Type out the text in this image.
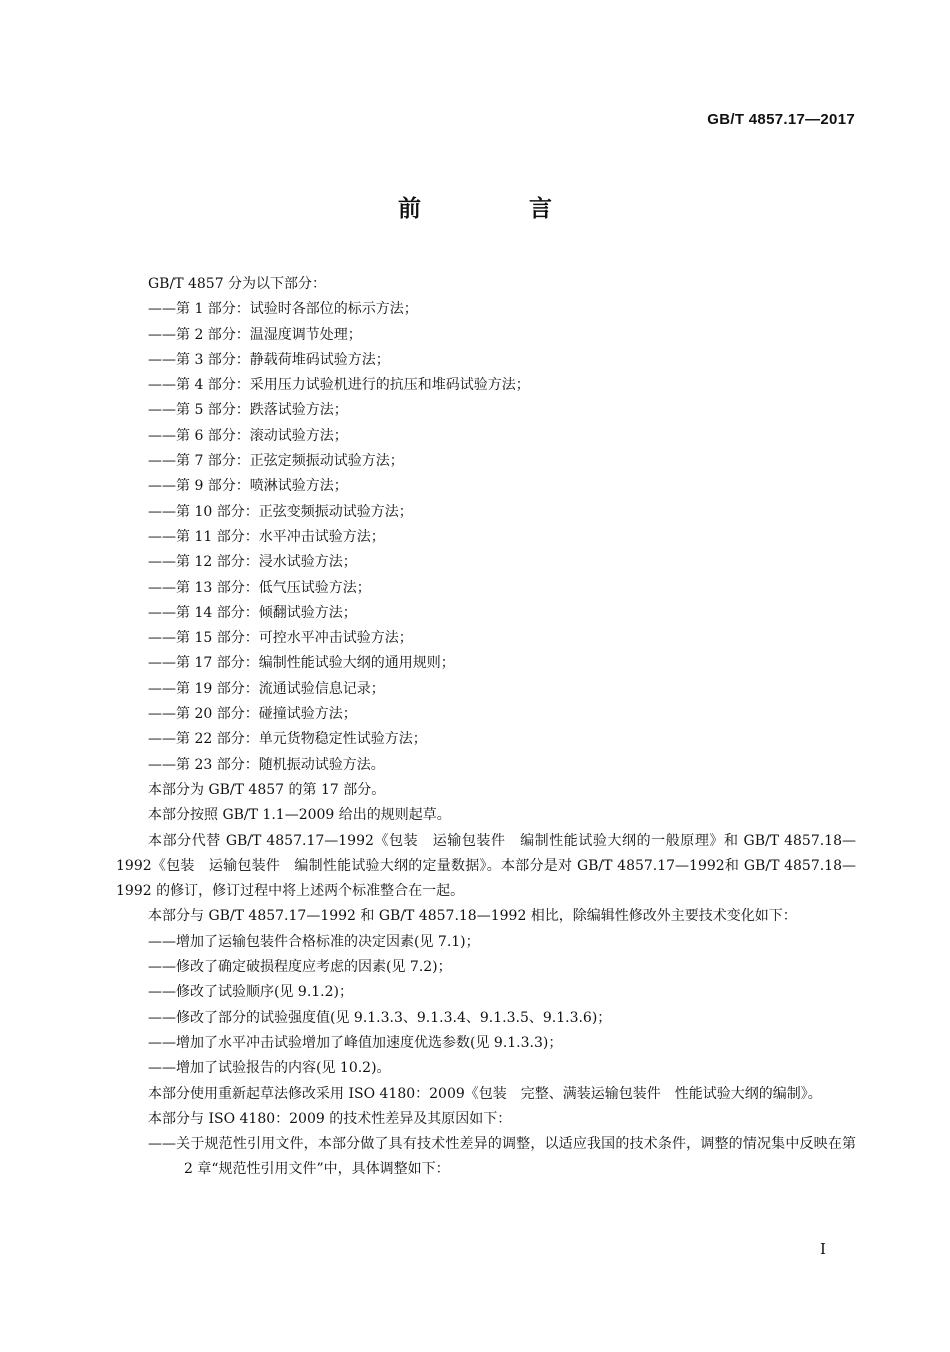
GB/T 4857.17—2017
前 言
GB/T 4857 分为以下部分：
——第 1 部分：试验时各部位的标示方法；
——第 2 部分：温湿度调节处理；
——第 3 部分：静载荷堆码试验方法；
——第 4 部分：采用压力试验机进行的抗压和堆码试验方法；
——第 5 部分：跌落试验方法；
——第 6 部分：滚动试验方法；
——第 7 部分：正弦定频振动试验方法；
——第 9 部分：喷淋试验方法；
——第 10 部分：正弦变频振动试验方法；
——第 11 部分：水平冲击试验方法；
——第 12 部分：浸水试验方法；
——第 13 部分：低气压试验方法；
——第 14 部分：倾翻试验方法；
——第 15 部分：可控水平冲击试验方法；
——第 17 部分：编制性能试验大纲的通用规则；
——第 19 部分：流通试验信息记录；
——第 20 部分：碰撞试验方法；
——第 22 部分：单元货物稳定性试验方法；
——第 23 部分：随机振动试验方法。
本部分为 GB/T 4857 的第 17 部分。
本部分按照 GB/T 1.1—2009 给出的规则起草。
本部分代替 GB/T 4857.17—1992《包装　运输包装件　编制性能试验大纲的一般原理》和 GB/T 4857.18—1992《包装　运输包装件　编制性能试验大纲的定量数据》。本部分是对 GB/T 4857.17—1992和 GB/T 4857.18—1992 的修订，修订过程中将上述两个标准整合在一起。
本部分与 GB/T 4857.17—1992 和 GB/T 4857.18—1992 相比，除编辑性修改外主要技术变化如下：
——增加了运输包装件合格标准的决定因素(见 7.1)；
——修改了确定破损程度应考虑的因素(见 7.2)；
——修改了试验顺序(见 9.1.2)；
——修改了部分的试验强度值(见 9.1.3.3、9.1.3.4、9.1.3.5、9.1.3.6)；
——增加了水平冲击试验增加了峰值加速度优选参数(见 9.1.3.3)；
——增加了试验报告的内容(见 10.2)。
本部分使用重新起草法修改采用 ISO 4180：2009《包装　完整、满装运输包装件　性能试验大纲的编制》。
本部分与 ISO 4180：2009 的技术性差异及其原因如下：
——关于规范性引用文件，本部分做了具有技术性差异的调整，以适应我国的技术条件，调整的情况集中反映在第 2 章“规范性引用文件”中，具体调整如下：
I
